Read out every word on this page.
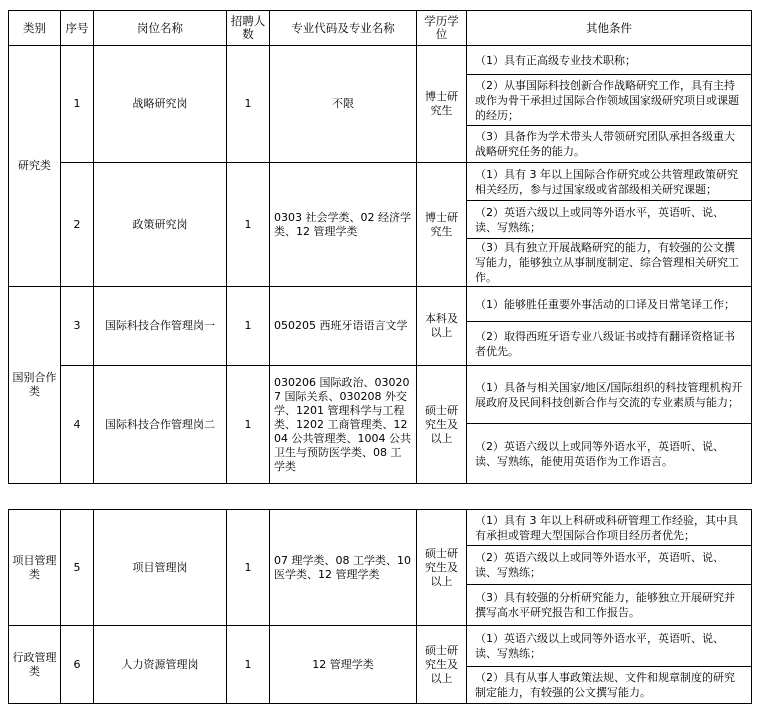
类别	序号	岗位名称	招聘人数	专业代码及专业名称	学历学位	其他条件
研究类	1	战略研究岗	1	不限	博士研究生	（1）具有正高级专业技术职称；
						（2）从事国际科技创新合作战略研究工作，具有主持或作为骨干承担过国际合作领域国家级研究项目或课题的经历；
						（3）具备作为学术带头人带领研究团队承担各级重大战略研究任务的能力。
	2	政策研究岗	1	0303 社会学类、02 经济学类、12 管理学类	博士研究生	（1）具有 3 年以上国际合作研究或公共管理政策研究相关经历，参与过国家级或省部级相关研究课题；
						（2）英语六级以上或同等外语水平，英语听、说、读、写熟练；
						（3）具有独立开展战略研究的能力，有较强的公文撰写能力，能够独立从事制度制定、综合管理相关研究工作。
国别合作类	3	国际科技合作管理岗一	1	050205 西班牙语语言文学	本科及以上	（1）能够胜任重要外事活动的口译及日常笔译工作；
						（2）取得西班牙语专业八级证书或持有翻译资格证书者优先。
	4	国际科技合作管理岗二	1	030206 国际政治、030207 国际关系、030208 外交学、1201 管理科学与工程类、1202 工商管理类、1204 公共管理类、1004 公共卫生与预防医学类、08 工学类	硕士研究生及以上	（1）具备与相关国家/地区/国际组织的科技管理机构开展政府及民间科技创新合作与交流的专业素质与能力；
						（2）英语六级以上或同等外语水平，英语听、说、读、写熟练，能使用英语作为工作语言。
项目管理类	5	项目管理岗	1	07 理学类、08 工学类、10 医学类、12 管理学类	硕士研究生及以上	（1）具有 3 年以上科研或科研管理工作经验，其中具有承担或管理大型国际合作项目经历者优先；
						（2）英语六级以上或同等外语水平，英语听、说、读、写熟练；
						（3）具有较强的分析研究能力，能够独立开展研究并撰写高水平研究报告和工作报告。
行政管理类	6	人力资源管理岗	1	12 管理学类	硕士研究生及以上	（1）英语六级以上或同等外语水平，英语听、说、读、写熟练；
						（2）具有从事人事政策法规、文件和规章制度的研究制定能力，有较强的公文撰写能力。
